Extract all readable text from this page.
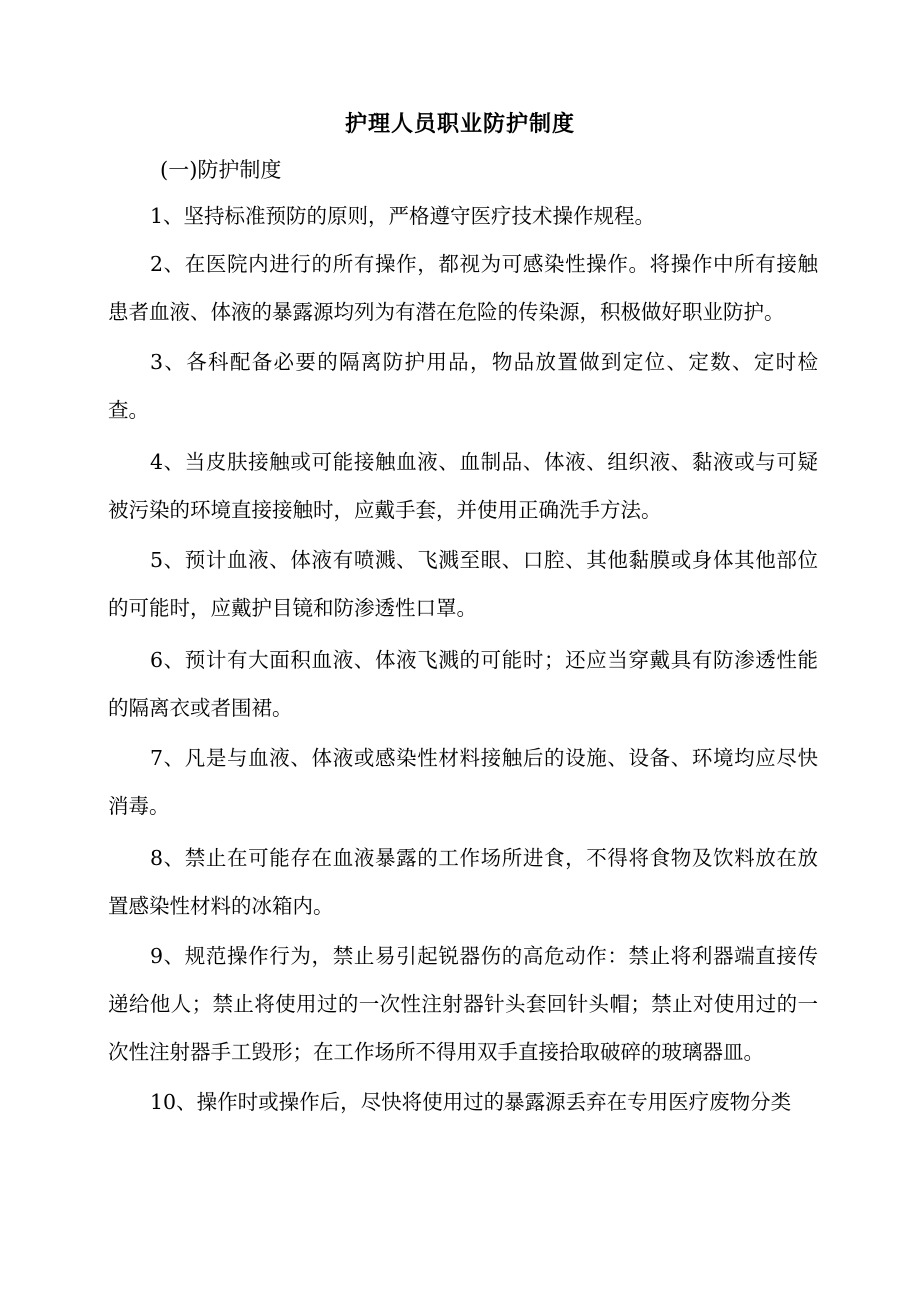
护理人员职业防护制度
(一)防护制度

1、坚持标准预防的原则，严格遵守医疗技术操作规程。

2、在医院内进行的所有操作，都视为可感染性操作。将操作中所有接触患者血液、体液的暴露源均列为有潜在危险的传染源，积极做好职业防护。

3、各科配备必要的隔离防护用品，物品放置做到定位、定数、定时检查。

4、当皮肤接触或可能接触血液、血制品、体液、组织液、黏液或与可疑被污染的环境直接接触时，应戴手套，并使用正确洗手方法。

5、预计血液、体液有喷溅、飞溅至眼、口腔、其他黏膜或身体其他部位的可能时，应戴护目镜和防渗透性口罩。

6、预计有大面积血液、体液飞溅的可能时；还应当穿戴具有防渗透性能的隔离衣或者围裙。

7、凡是与血液、体液或感染性材料接触后的设施、设备、环境均应尽快消毒。

8、禁止在可能存在血液暴露的工作场所进食，不得将食物及饮料放在放置感染性材料的冰箱内。

9、规范操作行为，禁止易引起锐器伤的高危动作：禁止将利器端直接传递给他人；禁止将使用过的一次性注射器针头套回针头帽；禁止对使用过的一次性注射器手工毁形；在工作场所不得用双手直接拾取破碎的玻璃器皿。

10、操作时或操作后，尽快将使用过的暴露源丢弃在专用医疗废物分类
